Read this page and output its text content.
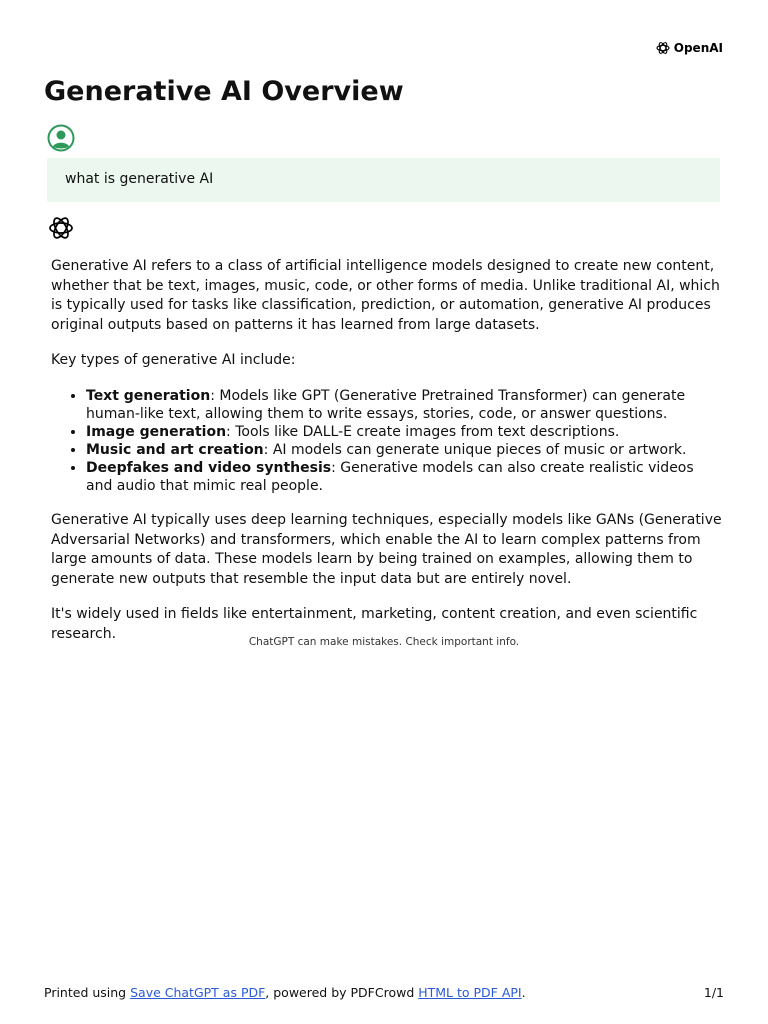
OpenAI
Generative AI Overview
what is generative AI

Generative AI refers to a class of artificial intelligence models designed to create new content, whether that be text, images, music, code, or other forms of media. Unlike traditional AI, which is typically used for tasks like classification, prediction, or automation, generative AI produces original outputs based on patterns it has learned from large datasets.

Key types of generative AI include:

• Text generation: Models like GPT (Generative Pretrained Transformer) can generate human-like text, allowing them to write essays, stories, code, or answer questions.
• Image generation: Tools like DALL-E create images from text descriptions.
• Music and art creation: AI models can generate unique pieces of music or artwork.
• Deepfakes and video synthesis: Generative models can also create realistic videos and audio that mimic real people.

Generative AI typically uses deep learning techniques, especially models like GANs (Generative Adversarial Networks) and transformers, which enable the AI to learn complex patterns from large amounts of data. These models learn by being trained on examples, allowing them to generate new outputs that resemble the input data but are entirely novel.

It's widely used in fields like entertainment, marketing, content creation, and even scientific research.

ChatGPT can make mistakes. Check important info.
Printed using Save ChatGPT as PDF, powered by PDFCrowd HTML to PDF API.	1/1
